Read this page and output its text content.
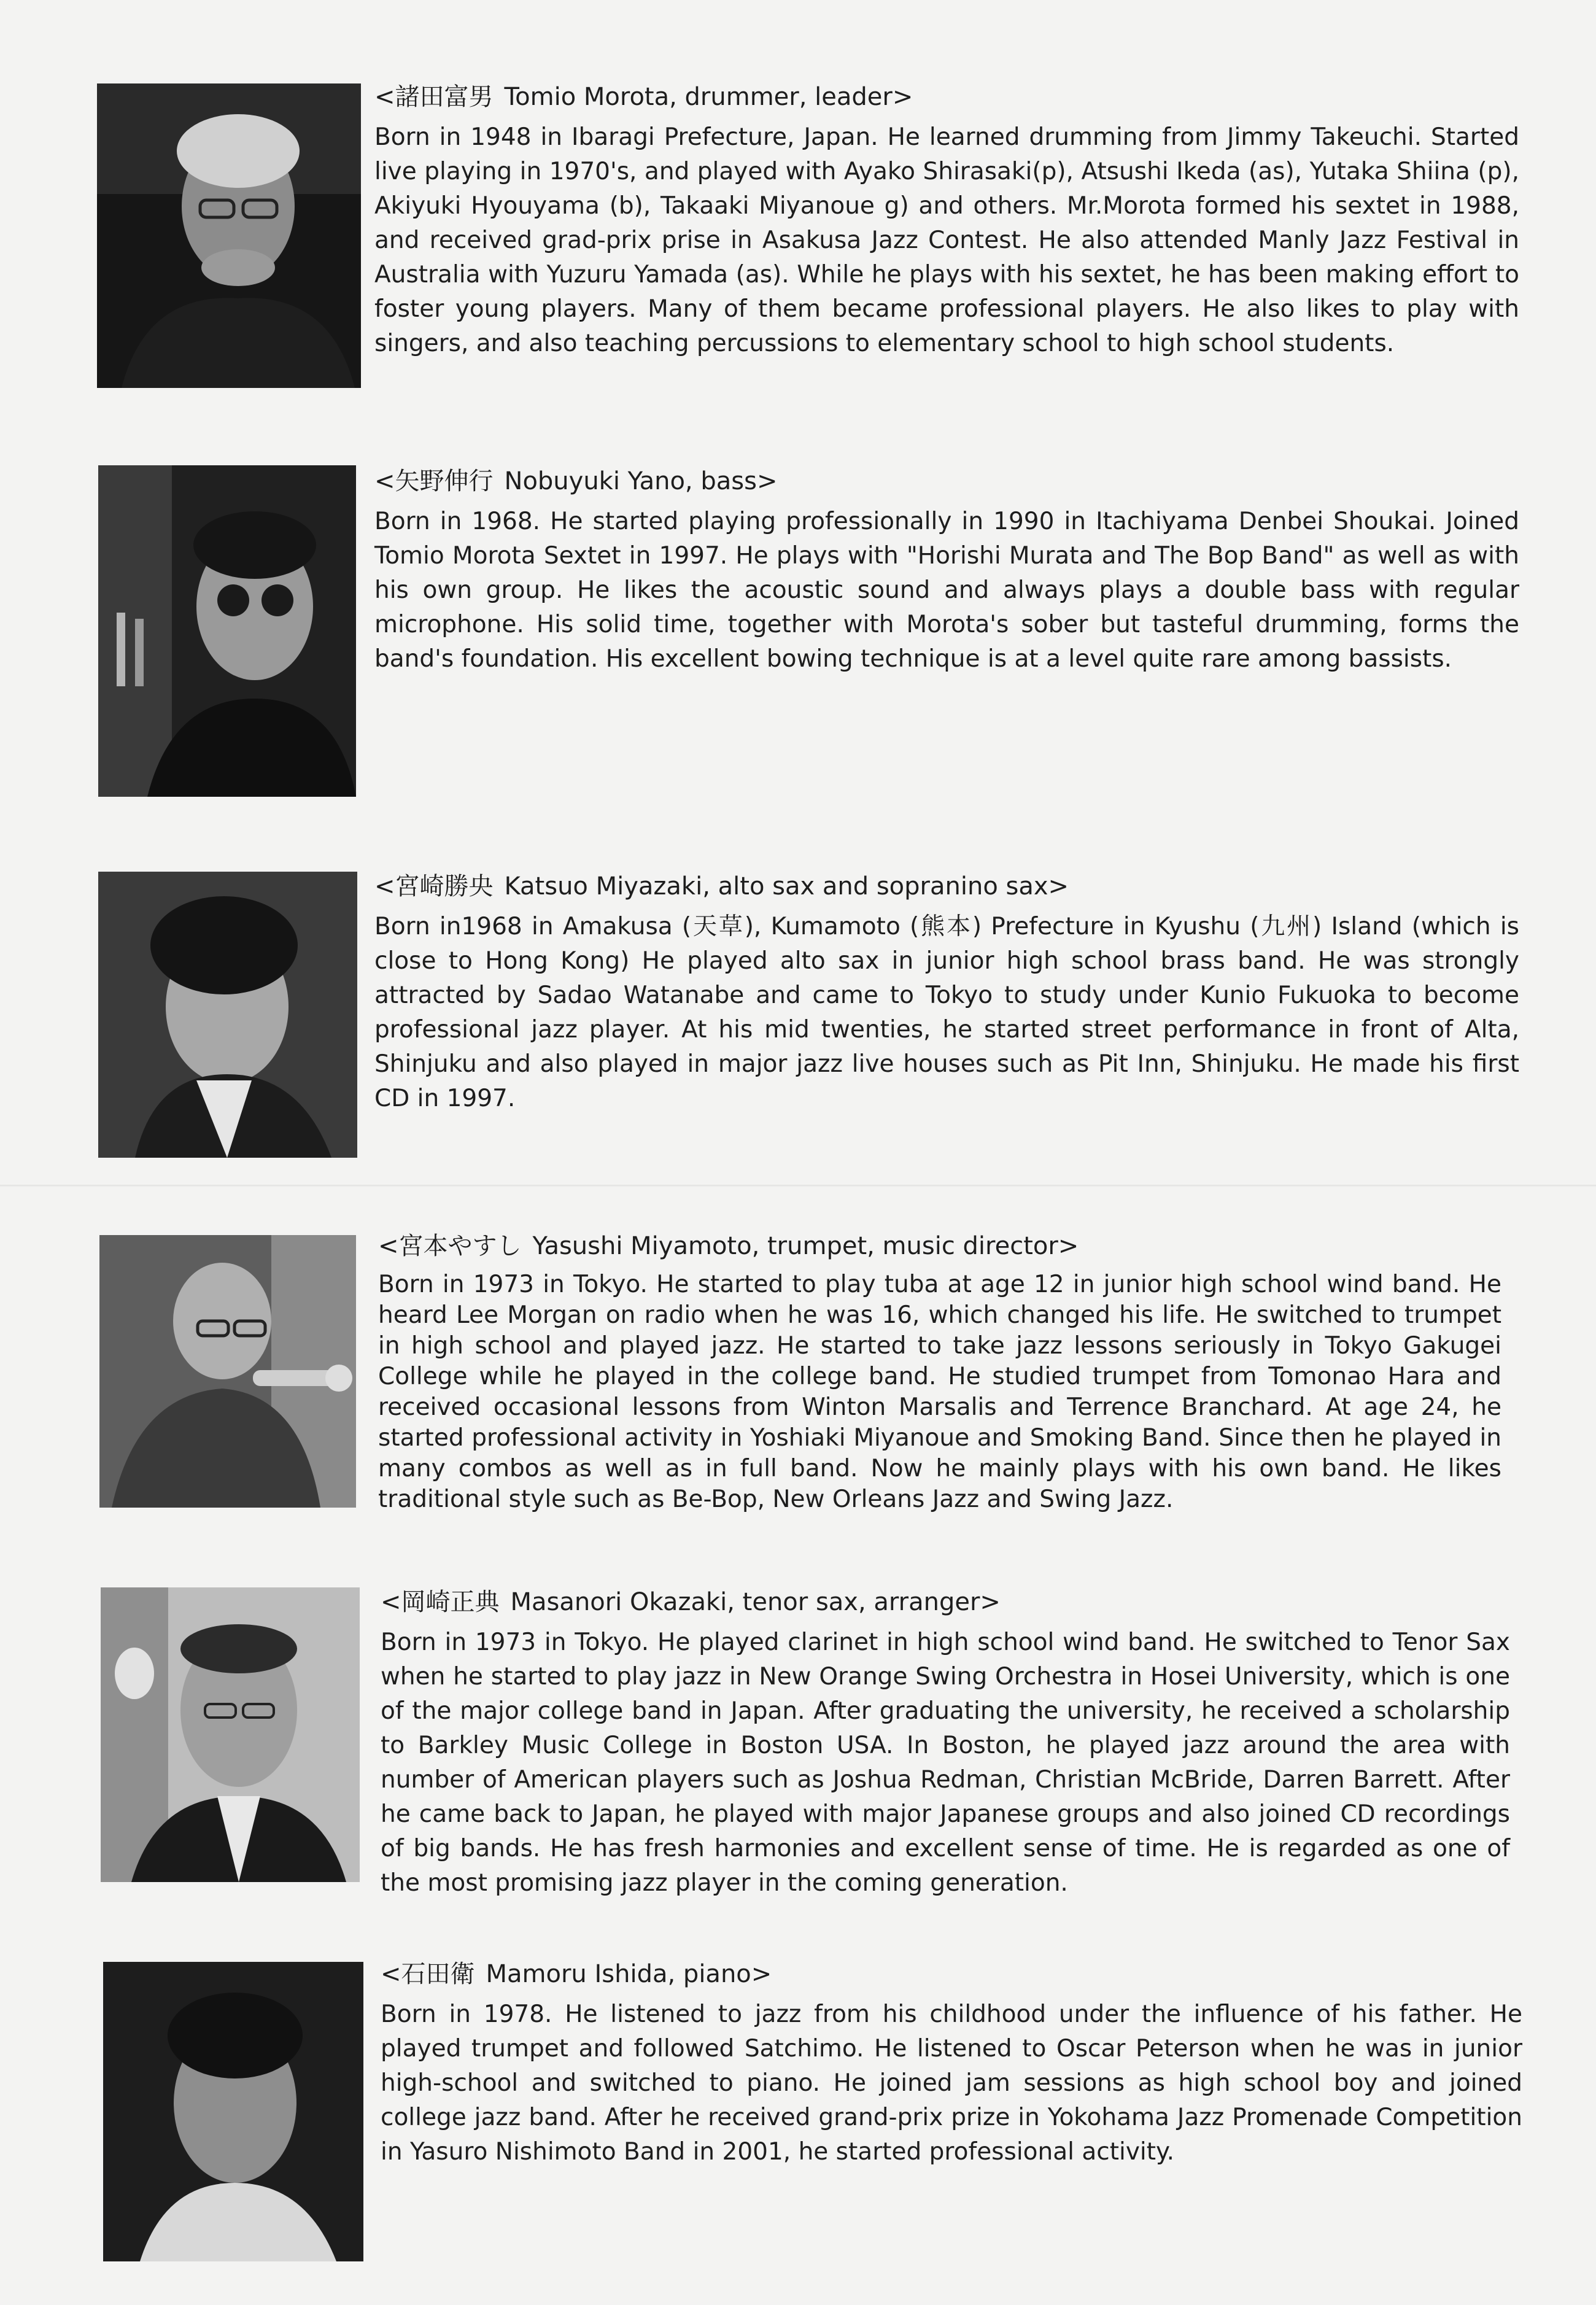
<諸田富男 Tomio Morota, drummer, leader>

Born in 1948 in Ibaragi Prefecture, Japan. He learned drumming from Jimmy Takeuchi. Started live playing in 1970's, and played with Ayako Shirasaki(p), Atsushi Ikeda (as), Yutaka Shiina (p), Akiyuki Hyouyama (b), Takaaki Miyanoue g) and others. Mr.Morota formed his sextet in 1988, and received grad-prix prise in Asakusa Jazz Contest. He also attended Manly Jazz Festival in Australia with Yuzuru Yamada (as). While he plays with his sextet, he has been making effort to foster young players. Many of them became professional players. He also likes to play with singers, and also teaching percussions to elementary school to high school students.

<矢野伸行 Nobuyuki Yano, bass>

Born in 1968. He started playing professionally in 1990 in Itachiyama Denbei Shoukai. Joined Tomio Morota Sextet in 1997. He plays with "Horishi Murata and The Bop Band" as well as with his own group. He likes the acoustic sound and always plays a double bass with regular microphone. His solid time, together with Morota's sober but tasteful drumming, forms the band's foundation. His excellent bowing technique is at a level quite rare among bassists.

<宮崎勝央 Katsuo Miyazaki, alto sax and sopranino sax>

Born in1968 in Amakusa (天草), Kumamoto (熊本) Prefecture in Kyushu (九州) Island (which is close to Hong Kong) He played alto sax in junior high school brass band. He was strongly attracted by Sadao Watanabe and came to Tokyo to study under Kunio Fukuoka to become professional jazz player. At his mid twenties, he started street performance in front of Alta, Shinjuku and also played in major jazz live houses such as Pit Inn, Shinjuku. He made his first CD in 1997.

<宮本やすし Yasushi Miyamoto, trumpet, music director>

Born in 1973 in Tokyo. He started to play tuba at age 12 in junior high school wind band. He heard Lee Morgan on radio when he was 16, which changed his life. He switched to trumpet in high school and played jazz. He started to take jazz lessons seriously in Tokyo Gakugei College while he played in the college band. He studied trumpet from Tomonao Hara and received occasional lessons from Winton Marsalis and Terrence Branchard. At age 24, he started professional activity in Yoshiaki Miyanoue and Smoking Band. Since then he played in many combos as well as in full band. Now he mainly plays with his own band. He likes traditional style such as Be-Bop, New Orleans Jazz and Swing Jazz.

<岡崎正典 Masanori Okazaki, tenor sax, arranger>

Born in 1973 in Tokyo. He played clarinet in high school wind band. He switched to Tenor Sax when he started to play jazz in New Orange Swing Orchestra in Hosei University, which is one of the major college band in Japan. After graduating the university, he received a scholarship to Barkley Music College in Boston USA. In Boston, he played jazz around the area with number of American players such as Joshua Redman, Christian McBride, Darren Barrett. After he came back to Japan, he played with major Japanese groups and also joined CD recordings of big bands. He has fresh harmonies and excellent sense of time. He is regarded as one of the most promising jazz player in the coming generation.

<石田衛 Mamoru Ishida, piano>

Born in 1978. He listened to jazz from his childhood under the influence of his father. He played trumpet and followed Satchimo. He listened to Oscar Peterson when he was in junior high-school and switched to piano. He joined jam sessions as high school boy and joined college jazz band. After he received grand-prix prize in Yokohama Jazz Promenade Competition in Yasuro Nishimoto Band in 2001, he started professional activity.
